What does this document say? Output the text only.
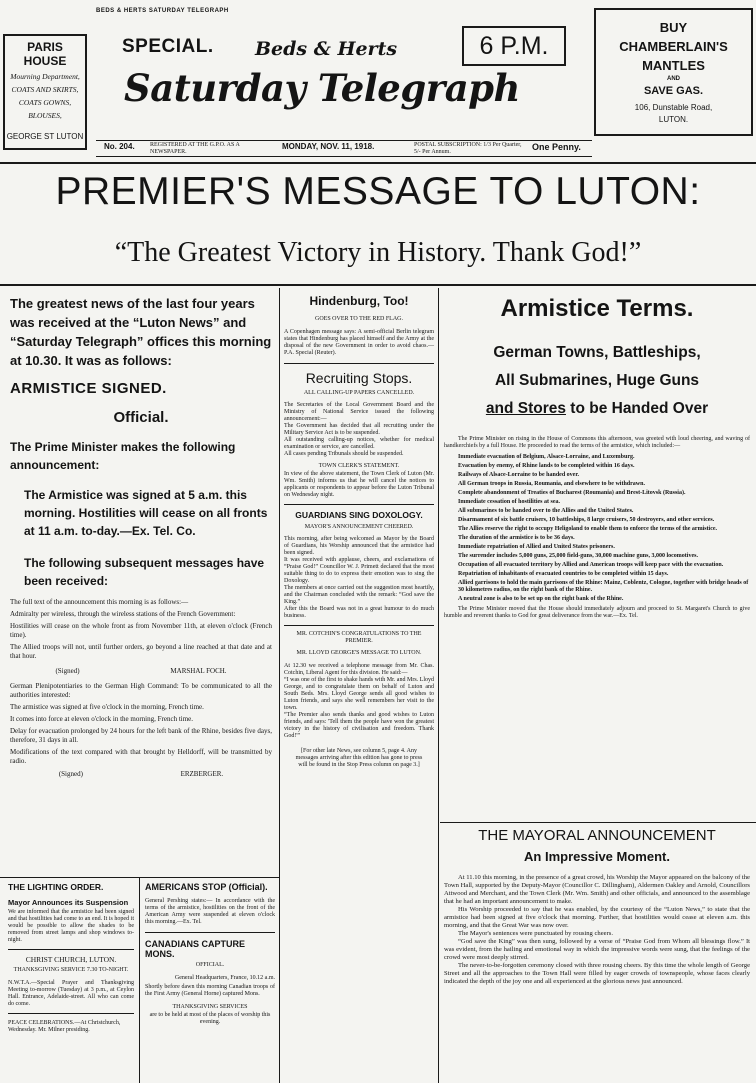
BEDS & HERTS SATURDAY TELEGRAPH
PARIS HOUSE
Mourning Department,
COATS AND SKIRTS,
COATS GOWNS,
BLOUSES,
GEORGE ST LUTON
SPECIAL. Beds & Herts
Saturday Telegraph
6 P.M.
BUY
CHAMBERLAIN'S
MANTLES
AND
SAVE GAS.
106, Dunstable Road,
LUTON.
No. 204.	REGISTERED AT THE G.P.O. AS A NEWSPAPER.
MONDAY, NOV. 11, 1918.	POSTAL SUBSCRIPTION: 1/3 Per Quarter, 5/- Per Annum.	One Penny.
PREMIER'S MESSAGE TO LUTON:
“The Greatest Victory in History. Thank God!”

The greatest news of the last four years was received at the “Luton News” and “Saturday Telegraph” offices this morning at 10.30. It was as follows:

ARMISTICE SIGNED.
Official.

The Prime Minister makes the following announcement:

The Armistice was signed at 5 a.m. this morning. Hostilities will cease on all fronts at 11 a.m. to-day.—Ex. Tel. Co.

The following subsequent messages have been received:

The full text of the announcement this morning is as follows:—

Admiralty per wireless, through the wireless stations of the French Government:

Hostilities will cease on the whole front as from November 11th, at eleven o'clock (French time).

The Allied troops will not, until further orders, go beyond a line reached at that date and at that hour.

(Signed)	MARSHAL FOCH.

German Plenipotentiaries to the German High Command: To be communicated to all the authorities interested:

The armistice was signed at five o'clock in the morning, French time.

It comes into force at eleven o'clock in the morning, French time.

Delay for evacuation prolonged by 24 hours for the left bank of the Rhine, besides five days, therefore, 31 days in all.

Modifications of the text compared with that brought by Helldorff, will be transmitted by radio.

(Signed)	ERZBERGER.
THE LIGHTING ORDER.
Mayor Announces its Suspension

We are informed that the armistice had been signed and that hostilities had come to an end. It is hoped it would be possible to allow the shades to be removed from street lamps and shop windows to-night.

CHRIST CHURCH, LUTON.
THANKSGIVING SERVICE 7.30 TO-NIGHT.

N.W.T.A.—Special Prayer and Thanksgiving Meeting to-morrow (Tuesday) at 3 p.m., at Ceylon Hall. Entrance, Adelaide-street. All who can come do come.

PEACE CELEBRATIONS.—At Christchurch, Wednesday. Mr. Milner presiding.

AMERICANS STOP (Official).

General Pershing states:— In accordance with the terms of the armistice, hostilities on the front of the American Army were suspended at eleven o'clock this morning.—Ex. Tel.

CANADIANS CAPTURE MONS.
OFFICIAL.
General Headquarters, France, 10.12 a.m.

Shortly before dawn this morning Canadian troops of the First Army (General Horne) captured Mons.

THANKSGIVING SERVICES

are to be held at most of the places of worship this evening.

Hindenburg, Too!
GOES OVER TO THE RED FLAG.

A Copenhagen message says: A semi-official Berlin telegram states that Hindenburg has placed himself and the Army at the disposal of the new Government in order to avoid chaos.—P.A. Special (Reuter).

Recruiting Stops.
ALL CALLING-UP PAPERS CANCELLED.

The Secretaries of the Local Government Board and the Ministry of National Service issued the following announcement:—

The Government has decided that all recruiting under the Military Service Act is to be suspended.

All outstanding calling-up notices, whether for medical examination or service, are cancelled.

All cases pending Tribunals should be suspended.

TOWN CLERK'S STATEMENT.

In view of the above statement, the Town Clerk of Luton (Mr. Wm. Smith) informs us that he will cancel the notices to applicants or respondents to appear before the Luton Tribunal on Wednesday night.

GUARDIANS SING DOXOLOGY.
MAYOR'S ANNOUNCEMENT CHEERED.

This morning, after being welcomed as Mayor by the Board of Guardians, his Worship announced that the armistice had been signed.

It was received with applause, cheers, and exclamations of “Praise God!” Councillor W. J. Primett declared that the most suitable thing to do to express their emotion was to sing the Doxology.

The members at once carried out the suggestion most heartily, and the Chairman concluded with the remark: “God save the King.”

After this the Board was not in a great humour to do much business.

MR. COTCHIN'S CONGRATULATIONS TO THE PREMIER.
MR. LLOYD GEORGE'S MESSAGE TO LUTON.

At 12.30 we received a telephone message from Mr. Chas. Cotchin, Liberal Agent for this division. He said:—

“I was one of the first to shake hands with Mr. and Mrs. Lloyd George, and to congratulate them on behalf of Luton and South Beds. Mrs. Lloyd George sends all good wishes to Luton friends, and says she well remembers her visit to the town.

“The Premier also sends thanks and good wishes to Luton friends, and says: 'Tell them the people have won the greatest victory in the history of civilisation and freedom. Thank God!'”

[For other late News, see column 5, page 4. Any messages arriving after this edition has gone to press will be found in the Stop Press column on page 3.]

Armistice Terms.
German Towns, Battleships,
All Submarines, Huge Guns
and Stores to be Handed Over

The Prime Minister on rising in the House of Commons this afternoon, was greeted with loud cheering, and waving of handkerchiefs by a full House. He proceeded to read the terms of the armistice, which included:—

Immediate evacuation of Belgium, Alsace-Lorraine, and Luxemburg.

Evacuation by enemy, of Rhine lands to be completed within 16 days.

Railways of Alsace-Lorraine to be handed over.

All German troops in Russia, Roumania, and elsewhere to be withdrawn.

Complete abandonment of Treaties of Bucharest (Roumania) and Brest-Litovsk (Russia).

Immediate cessation of hostilities at sea.

All submarines to be handed over to the Allies and the United States.

Disarmament of six battle cruisers, 10 battleships, 8 large cruisers, 50 destroyers, and other services.

The Allies reserve the right to occupy Heligoland to enable them to enforce the terms of the armistice.

The duration of the armistice is to be 36 days.

Immediate repatriation of Allied and United States prisoners.

The surrender includes 5,000 guns, 25,000 field-guns, 30,000 machine guns, 3,000 locomotives.

Occupation of all evacuated territory by Allied and American troops will keep pace with the evacuation.

Repatriation of inhabitants of evacuated countries to be completed within 15 days.

Allied garrisons to hold the main garrisons of the Rhine: Mainz, Coblentz, Cologne, together with bridge heads of 30 kilometres radius, on the right bank of the Rhine.

A neutral zone is also to be set up on the right bank of the Rhine.

The Prime Minister moved that the House should immediately adjourn and proceed to St. Margaret's Church to give humble and reverent thanks to God for great deliverance from the war.—Ex. Tel.

THE MAYORAL ANNOUNCEMENT
An Impressive Moment.

At 11.10 this morning, in the presence of a great crowd, his Worship the Mayor appeared on the balcony of the Town Hall, supported by the Deputy-Mayor (Councillor C. Dillingham), Aldermen Oakley and Arnold, Councillors Attwood and Merchant, and the Town Clerk (Mr. Wm. Smith) and other officials, and announced to the assemblage that he had an important announcement to make.

His Worship proceeded to say that he was enabled, by the courtesy of the “Luton News,” to state that the armistice had been signed at five o'clock that morning. Further, that hostilities would cease at eleven a.m. this morning, and that the Great War was now over.

The Mayor's sentences were punctuated by rousing cheers.

“God save the King” was then sung, followed by a verse of “Praise God from Whom all blessings flow.” It was evident, from the hailing and emotional way in which the impressive words were sung, that the feelings of the crowd were most deeply stirred.

The never-to-be-forgotten ceremony closed with three rousing cheers. By this time the whole length of George Street and all the approaches to the Town Hall were filled by eager crowds of townspeople, whose faces clearly indicated the depth of the joy one and all experienced at the glorious news just announced.
